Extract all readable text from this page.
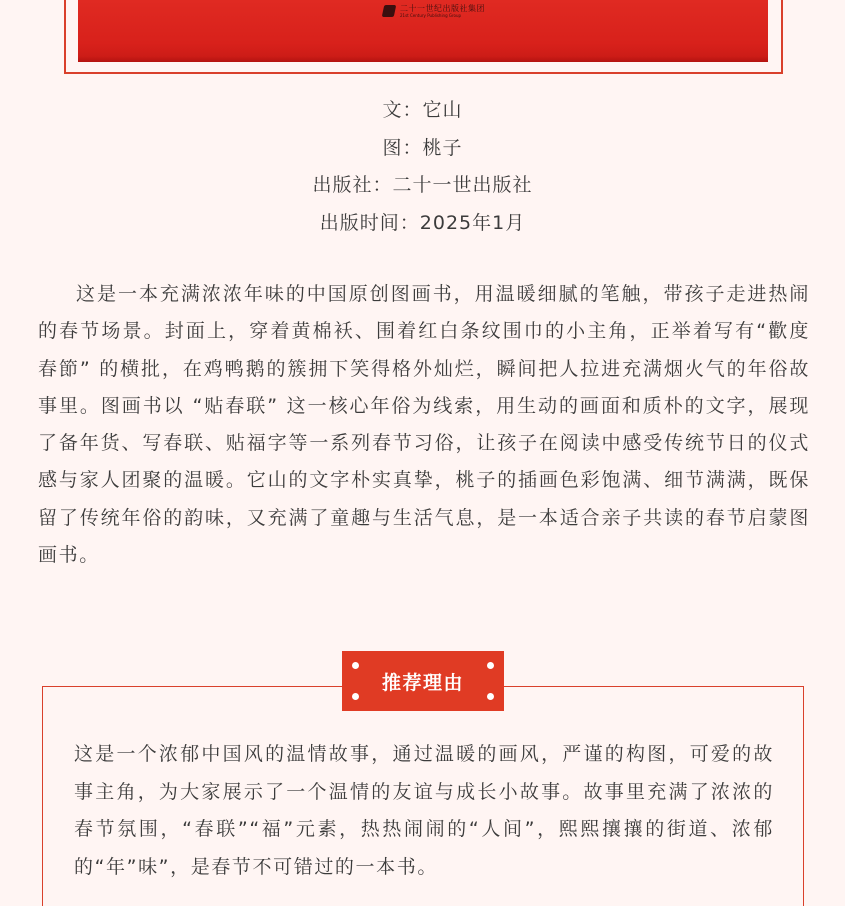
二十一世纪出版社集团
21st Century Publishing Group
文：它山
图：桃子
出版社：二十一世出版社
出版时间：2025年1月

这是一本充满浓浓年味的中国原创图画书，用温暖细腻的笔触，带孩子走进热闹的春节场景。封面上，穿着黄棉袄、围着红白条纹围巾的小主角，正举着写有“歡度春節” 的横批，在鸡鸭鹅的簇拥下笑得格外灿烂，瞬间把人拉进充满烟火气的年俗故事里。图画书以 “贴春联” 这一核心年俗为线索，用生动的画面和质朴的文字，展现了备年货、写春联、贴福字等一系列春节习俗，让孩子在阅读中感受传统节日的仪式感与家人团聚的温暖。它山的文字朴实真挚，桃子的插画色彩饱满、细节满满，既保留了传统年俗的韵味，又充满了童趣与生活气息，是一本适合亲子共读的春节启蒙图画书。

推荐理由

这是一个浓郁中国风的温情故事，通过温暖的画风，严谨的构图，可爱的故事主角，为大家展示了一个温情的友谊与成长小故事。故事里充满了浓浓的春节氛围，“春联”“福”元素，热热闹闹的“人间”，熙熙攘攘的街道、浓郁的“年”味”，是春节不可错过的一本书。
